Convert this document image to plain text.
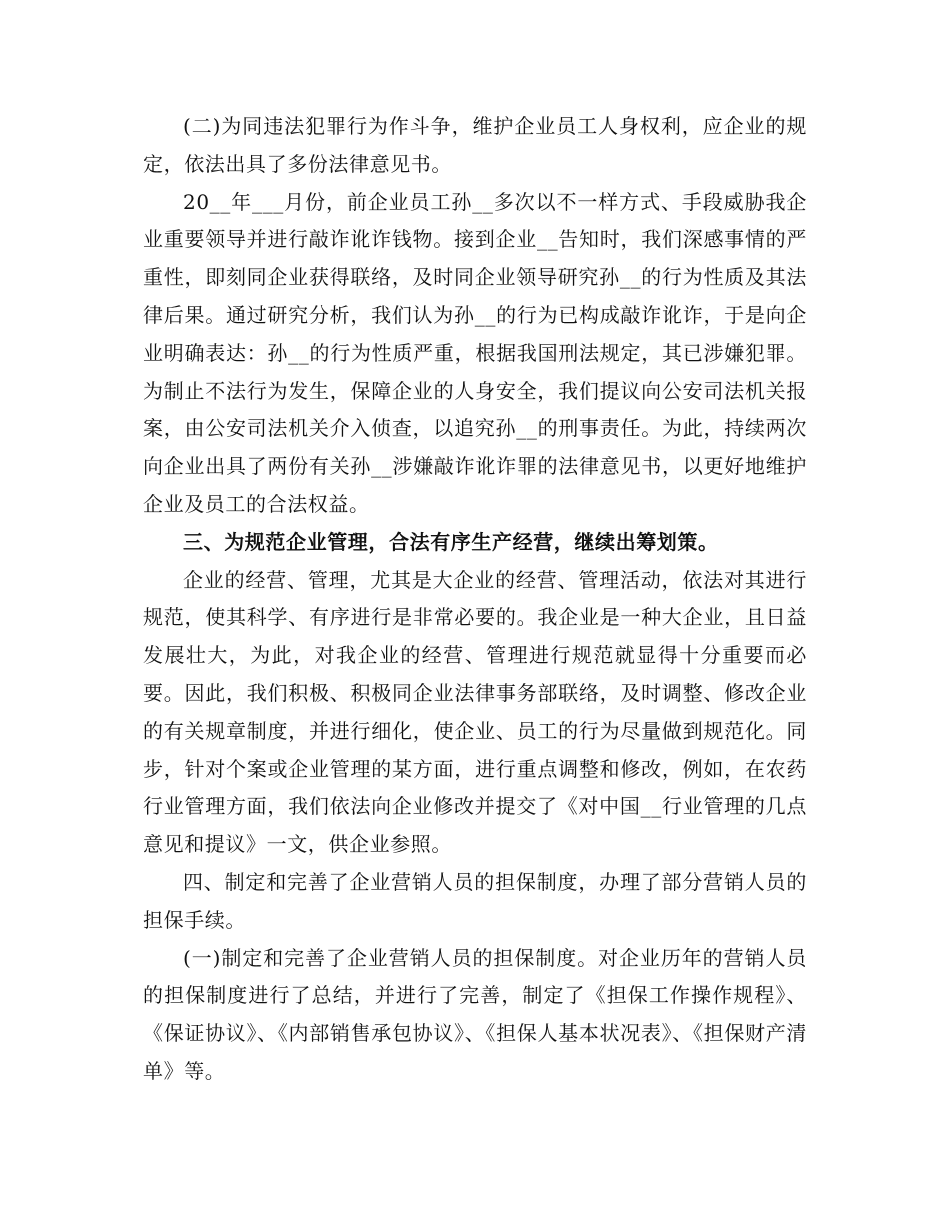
(二)为同违法犯罪行为作斗争，维护企业员工人身权利，应企业的规定，依法出具了多份法律意见书。

20__年___月份，前企业员工孙__多次以不一样方式、手段威胁我企业重要领导并进行敲诈讹诈钱物。接到企业__告知时，我们深感事情的严重性，即刻同企业获得联络，及时同企业领导研究孙__的行为性质及其法律后果。通过研究分析，我们认为孙__的行为已构成敲诈讹诈，于是向企业明确表达：孙__的行为性质严重，根据我国刑法规定，其已涉嫌犯罪。为制止不法行为发生，保障企业的人身安全，我们提议向公安司法机关报案，由公安司法机关介入侦查，以追究孙__的刑事责任。为此，持续两次向企业出具了两份有关孙__涉嫌敲诈讹诈罪的法律意见书，以更好地维护企业及员工的合法权益。

三、为规范企业管理，合法有序生产经营，继续出筹划策。

企业的经营、管理，尤其是大企业的经营、管理活动，依法对其进行规范，使其科学、有序进行是非常必要的。我企业是一种大企业，且日益发展壮大，为此，对我企业的经营、管理进行规范就显得十分重要而必要。因此，我们积极、积极同企业法律事务部联络，及时调整、修改企业的有关规章制度，并进行细化，使企业、员工的行为尽量做到规范化。同步，针对个案或企业管理的某方面，进行重点调整和修改，例如，在农药行业管理方面，我们依法向企业修改并提交了《对中国__行业管理的几点意见和提议》一文，供企业参照。

四、制定和完善了企业营销人员的担保制度，办理了部分营销人员的担保手续。

(一)制定和完善了企业营销人员的担保制度。对企业历年的营销人员的担保制度进行了总结，并进行了完善，制定了《担保工作操作规程》、《保证协议》、《内部销售承包协议》、《担保人基本状况表》、《担保财产清单》等。
